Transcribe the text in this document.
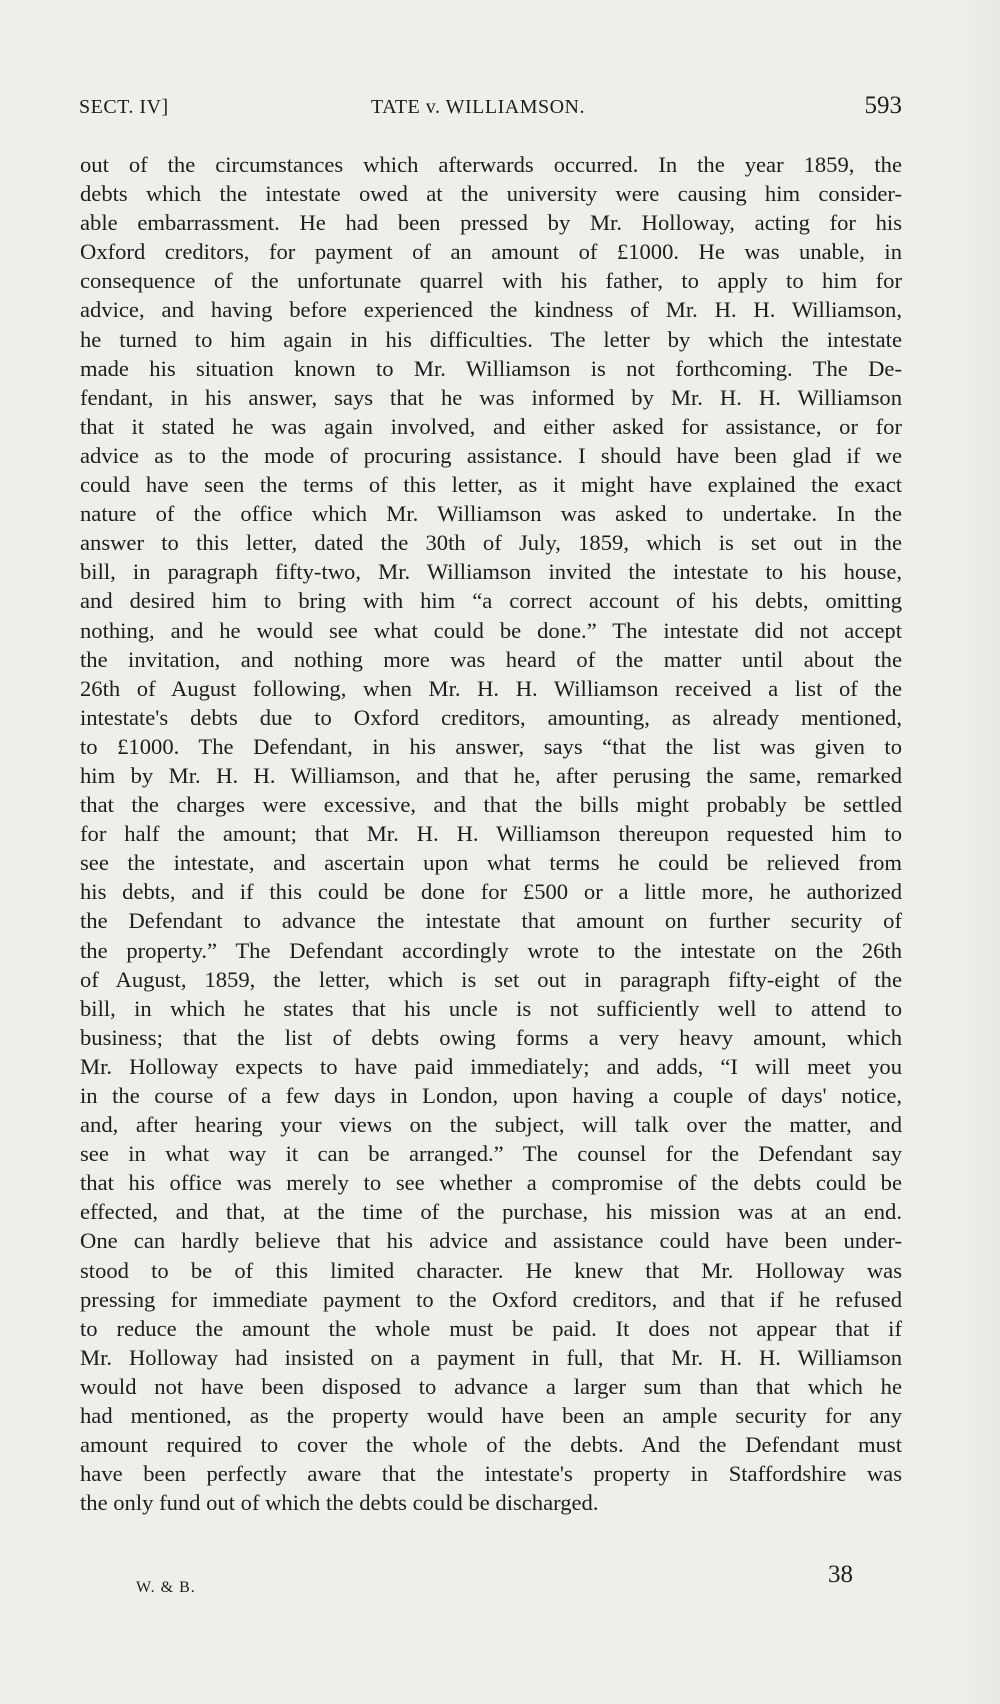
SECT. IV]	TATE v. WILLIAMSON.	593
out of the circumstances which afterwards occurred. In the year 1859, the
debts which the intestate owed at the university were causing him consider-
able embarrassment. He had been pressed by Mr. Holloway, acting for his
Oxford creditors, for payment of an amount of £1000. He was unable, in
consequence of the unfortunate quarrel with his father, to apply to him for
advice, and having before experienced the kindness of Mr. H. H. Williamson,
he turned to him again in his difficulties. The letter by which the intestate
made his situation known to Mr. Williamson is not forthcoming. The De-
fendant, in his answer, says that he was informed by Mr. H. H. Williamson
that it stated he was again involved, and either asked for assistance, or for
advice as to the mode of procuring assistance. I should have been glad if we
could have seen the terms of this letter, as it might have explained the exact
nature of the office which Mr. Williamson was asked to undertake. In the
answer to this letter, dated the 30th of July, 1859, which is set out in the
bill, in paragraph fifty-two, Mr. Williamson invited the intestate to his house,
and desired him to bring with him “a correct account of his debts, omitting
nothing, and he would see what could be done.” The intestate did not accept
the invitation, and nothing more was heard of the matter until about the
26th of August following, when Mr. H. H. Williamson received a list of the
intestate's debts due to Oxford creditors, amounting, as already mentioned,
to £1000. The Defendant, in his answer, says “that the list was given to
him by Mr. H. H. Williamson, and that he, after perusing the same, remarked
that the charges were excessive, and that the bills might probably be settled
for half the amount; that Mr. H. H. Williamson thereupon requested him to
see the intestate, and ascertain upon what terms he could be relieved from
his debts, and if this could be done for £500 or a little more, he authorized
the Defendant to advance the intestate that amount on further security of
the property.” The Defendant accordingly wrote to the intestate on the 26th
of August, 1859, the letter, which is set out in paragraph fifty-eight of the
bill, in which he states that his uncle is not sufficiently well to attend to
business; that the list of debts owing forms a very heavy amount, which
Mr. Holloway expects to have paid immediately; and adds, “I will meet you
in the course of a few days in London, upon having a couple of days' notice,
and, after hearing your views on the subject, will talk over the matter, and
see in what way it can be arranged.” The counsel for the Defendant say
that his office was merely to see whether a compromise of the debts could be
effected, and that, at the time of the purchase, his mission was at an end.
One can hardly believe that his advice and assistance could have been under-
stood to be of this limited character. He knew that Mr. Holloway was
pressing for immediate payment to the Oxford creditors, and that if he refused
to reduce the amount the whole must be paid. It does not appear that if
Mr. Holloway had insisted on a payment in full, that Mr. H. H. Williamson
would not have been disposed to advance a larger sum than that which he
had mentioned, as the property would have been an ample security for any
amount required to cover the whole of the debts. And the Defendant must
have been perfectly aware that the intestate's property in Staffordshire was
the only fund out of which the debts could be discharged.
W. & B.	38
